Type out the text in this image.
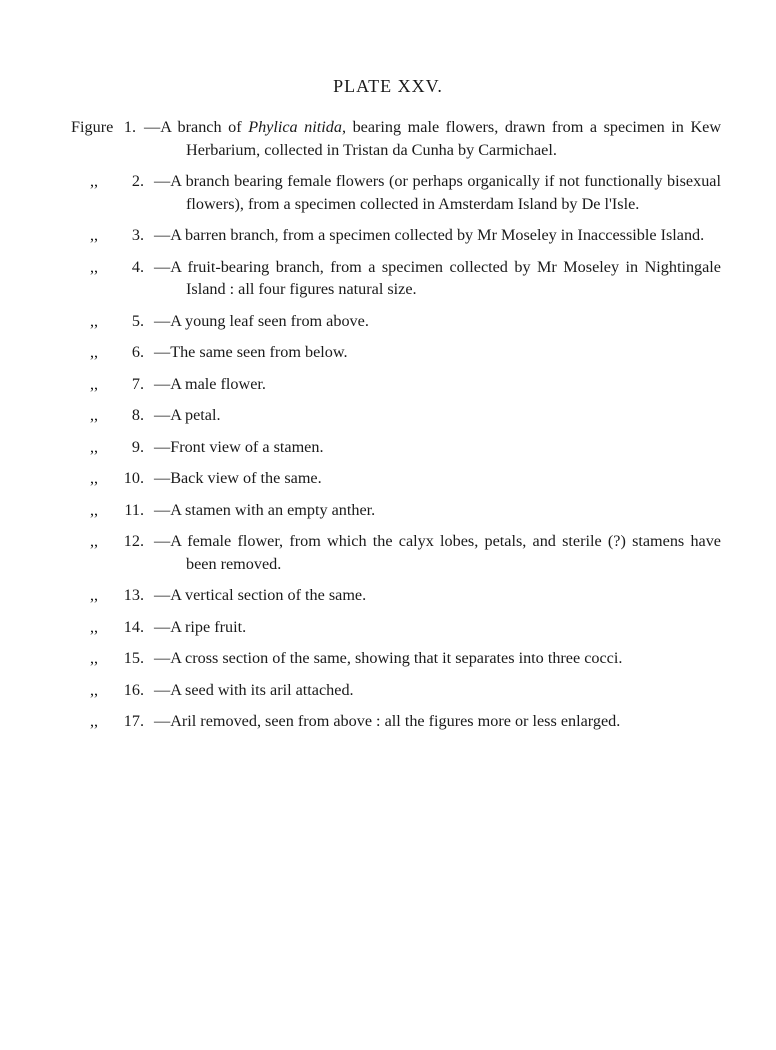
PLATE XXV.
Figure 1. —A branch of Phylica nitida, bearing male flowers, drawn from a specimen in Kew Herbarium, collected in Tristan da Cunha by Carmichael.
,,	2. —A branch bearing female flowers (or perhaps organically if not functionally bisexual flowers), from a specimen collected in Amsterdam Island by De l'Isle.
,,	3. —A barren branch, from a specimen collected by Mr Moseley in Inaccessible Island.
,,	4. —A fruit-bearing branch, from a specimen collected by Mr Moseley in Nightingale Island : all four figures natural size.
,,	5. —A young leaf seen from above.
,,	6. —The same seen from below.
,,	7. —A male flower.
,,	8. —A petal.
,,	9. —Front view of a stamen.
,,	10. —Back view of the same.
,,	11. —A stamen with an empty anther.
,,	12. —A female flower, from which the calyx lobes, petals, and sterile (?) stamens have been removed.
,,	13. —A vertical section of the same.
,,	14. —A ripe fruit.
,,	15. —A cross section of the same, showing that it separates into three cocci.
,,	16. —A seed with its aril attached.
,,	17. —Aril removed, seen from above : all the figures more or less enlarged.
